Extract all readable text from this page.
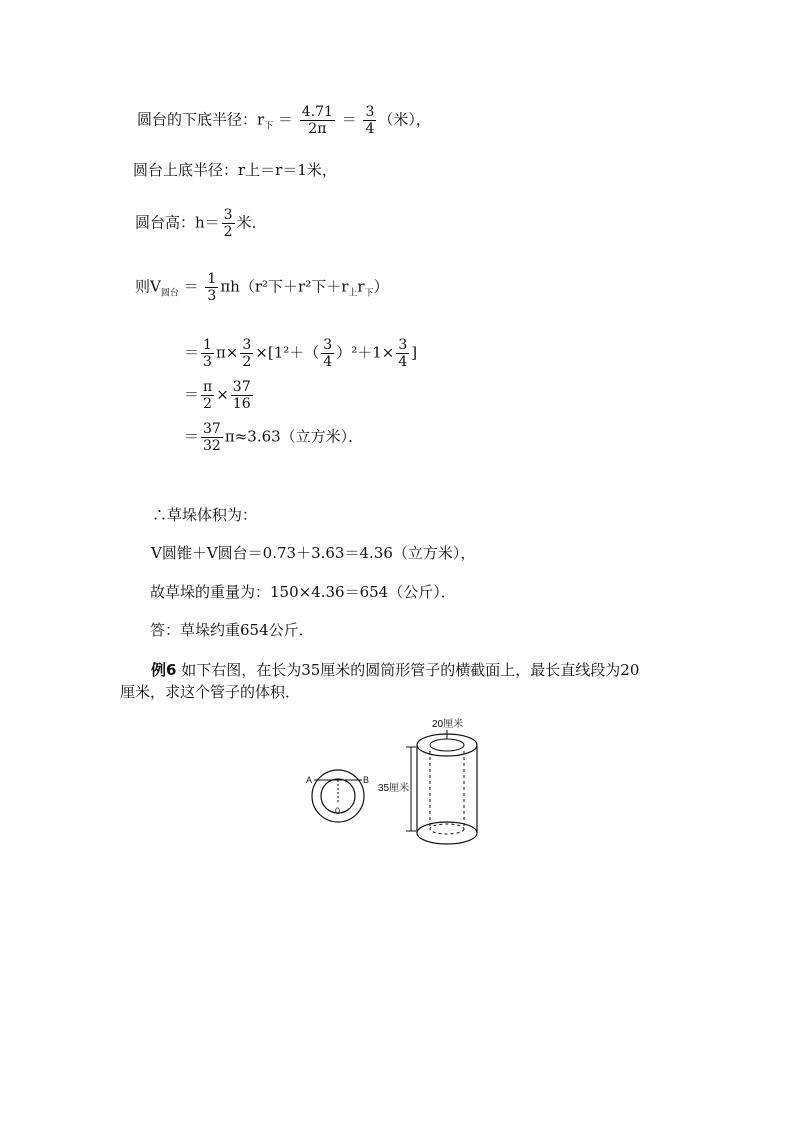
圆台的下底半径：$r_下 = \frac{4.71}{2\pi} = \frac{3}{4}$ （米），
圆台上底半径：r上＝r＝1米，
圆台高：$h= \frac{3}{2}$ 米．
则$V_{圆台} = \frac{1}{3} \pi h(r^2$下＋r²下$+r_上r_下$）
＝ $\frac{1}{3} \pi\times \frac{3}{2} \times[1^2+( \frac{3}{4} )^2+1\times \frac{3}{4}$ ]
＝ $\frac{\pi}{2} \times \frac{37}{16}$
＝ $\frac{37}{32} \pi\approx 3.63$（立方米）．
∴草垛体积为：
V圆锥＋V圆台＝0.73＋3.63＝4.36（立方米），
故草垛的重量为：150×4.36＝654（公斤）．
答：草垛约重654公斤．
例6 如下右图，在长为35厘米的圆筒形管子的横截面上，最长直线段为20
厘米，求这个管子的体积．
A	B
0
20厘米
35厘米
